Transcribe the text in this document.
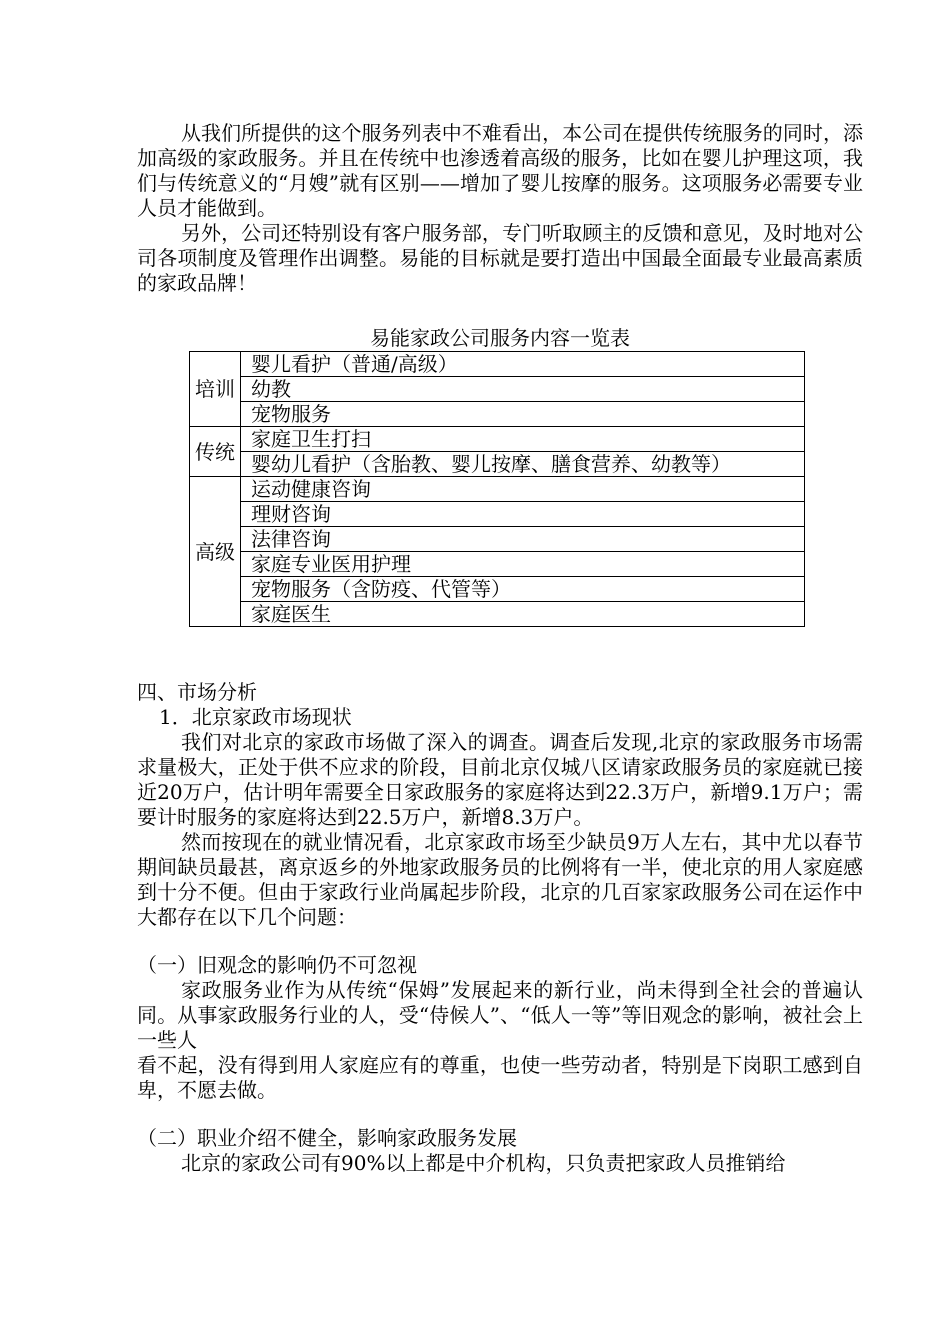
从我们所提供的这个服务列表中不难看出，本公司在提供传统服务的同时，添加高级的家政服务。并且在传统中也渗透着高级的服务，比如在婴儿护理这项，我们与传统意义的“月嫂”就有区别——增加了婴儿按摩的服务。这项服务必需要专业人员才能做到。

另外，公司还特别设有客户服务部，专门听取顾主的反馈和意见，及时地对公司各项制度及管理作出调整。易能的目标就是要打造出中国最全面最专业最高素质的家政品牌！

易能家政公司服务内容一览表
培训	婴儿看护（普通/高级）
	幼教
	宠物服务
传统	家庭卫生打扫
	婴幼儿看护（含胎教、婴儿按摩、膳食营养、幼教等）
高级	运动健康咨询
	理财咨询
	法律咨询
	家庭专业医用护理
	宠物服务（含防疫、代管等）
	家庭医生

四、市场分析

1．北京家政市场现状

我们对北京的家政市场做了深入的调查。调查后发现,北京的家政服务市场需求量极大，正处于供不应求的阶段，目前北京仅城八区请家政服务员的家庭就已接近20万户，估计明年需要全日家政服务的家庭将达到22.3万户，新增9.1万户；需要计时服务的家庭将达到22.5万户，新增8.3万户。

然而按现在的就业情况看，北京家政市场至少缺员9万人左右，其中尤以春节期间缺员最甚，离京返乡的外地家政服务员的比例将有一半，使北京的用人家庭感到十分不便。但由于家政行业尚属起步阶段，北京的几百家家政服务公司在运作中大都存在以下几个问题：

（一）旧观念的影响仍不可忽视

家政服务业作为从传统“保姆”发展起来的新行业，尚未得到全社会的普遍认同。从事家政服务行业的人，受“侍候人”、“低人一等”等旧观念的影响，被社会上一些人

看不起，没有得到用人家庭应有的尊重，也使一些劳动者，特别是下岗职工感到自卑，不愿去做。

（二）职业介绍不健全，影响家政服务发展

北京的家政公司有90%以上都是中介机构，只负责把家政人员推销给
